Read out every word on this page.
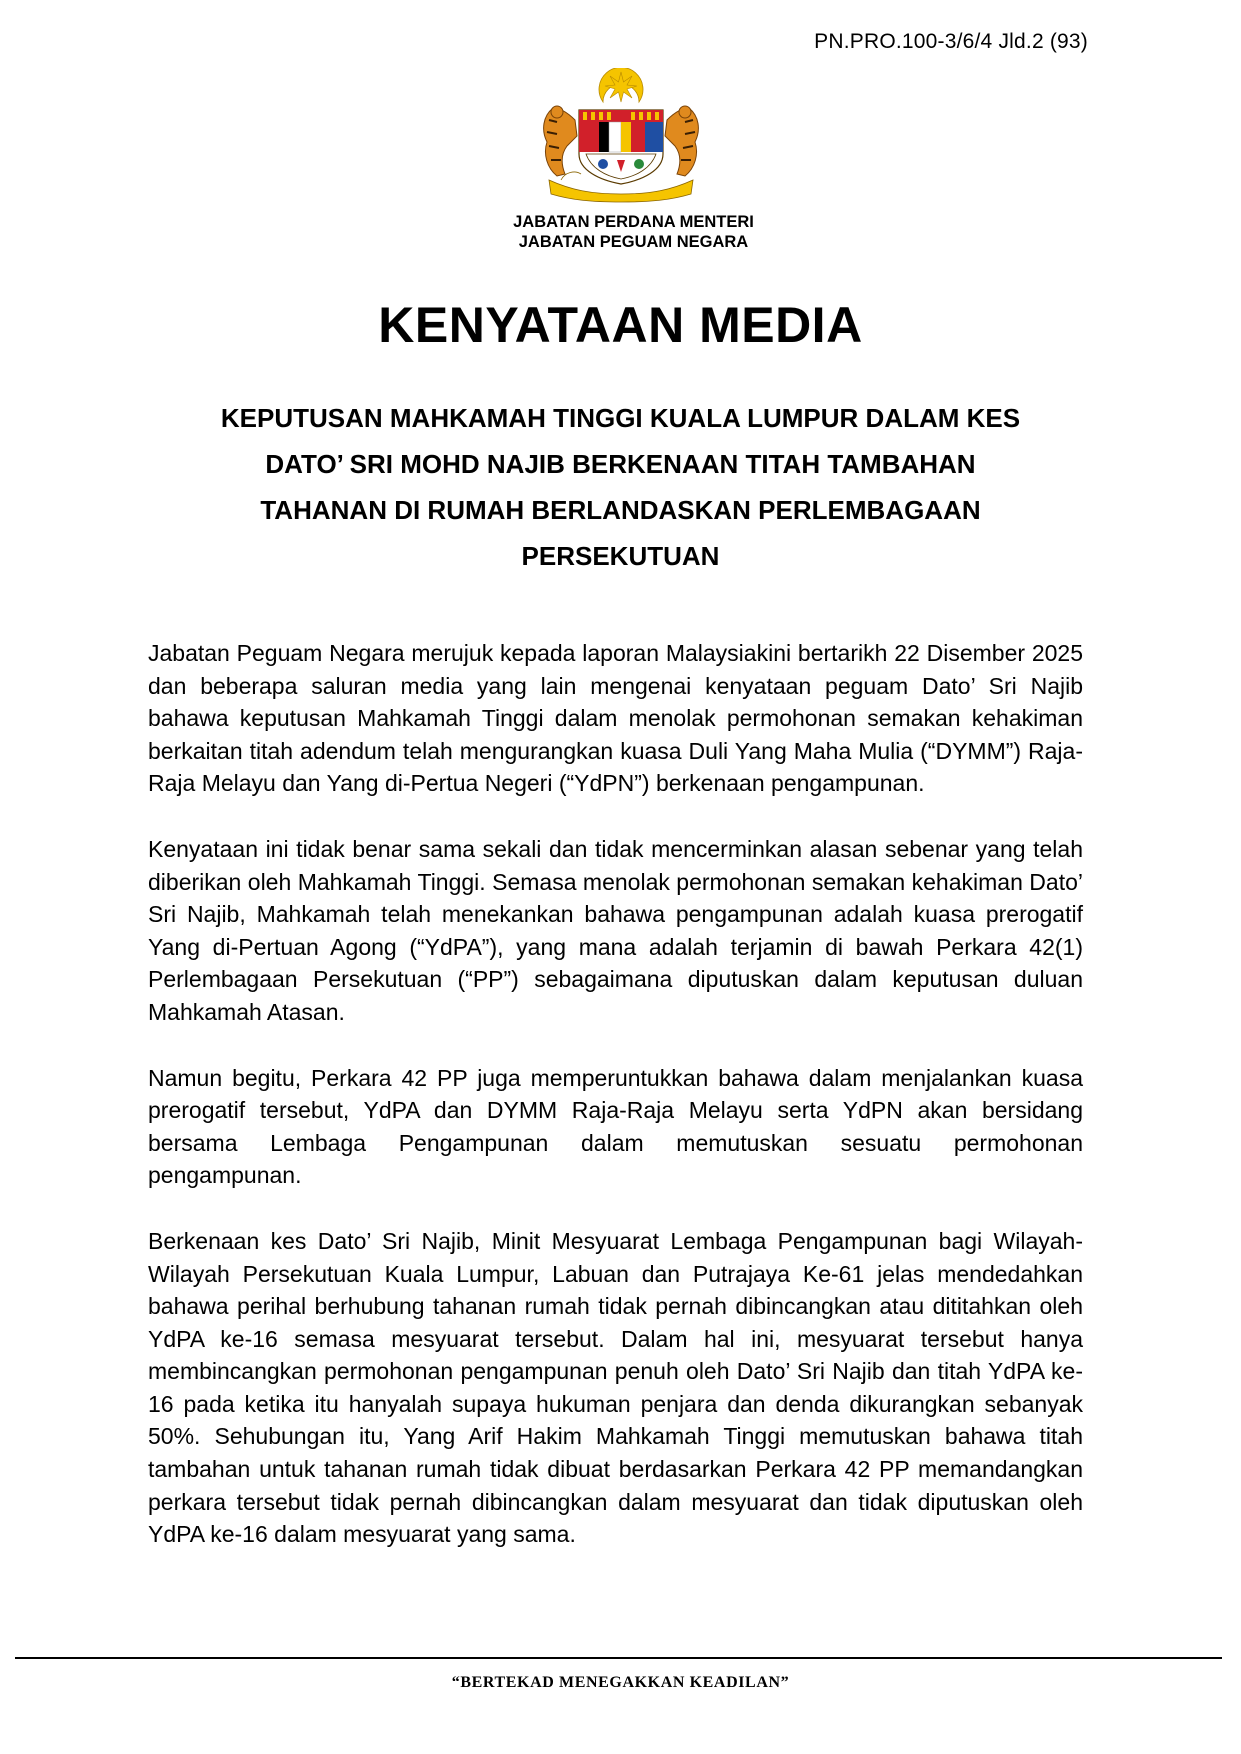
PN.PRO.100-3/6/4 Jld.2 (93)
JABATAN PERDANA MENTERI
JABATAN PEGUAM NEGARA
KENYATAAN MEDIA
KEPUTUSAN MAHKAMAH TINGGI KUALA LUMPUR DALAM KES
DATO’ SRI MOHD NAJIB BERKENAAN TITAH TAMBAHAN
TAHANAN DI RUMAH BERLANDASKAN PERLEMBAGAAN
PERSEKUTUAN

Jabatan Peguam Negara merujuk kepada laporan Malaysiakini bertarikh 22 Disember 2025 dan beberapa saluran media yang lain mengenai kenyataan peguam Dato’ Sri Najib bahawa keputusan Mahkamah Tinggi dalam menolak permohonan semakan kehakiman berkaitan titah adendum telah mengurangkan kuasa Duli Yang Maha Mulia (“DYMM”) Raja-Raja Melayu dan Yang di-Pertua Negeri (“YdPN”) berkenaan pengampunan.

Kenyataan ini tidak benar sama sekali dan tidak mencerminkan alasan sebenar yang telah diberikan oleh Mahkamah Tinggi. Semasa menolak permohonan semakan kehakiman Dato’ Sri Najib, Mahkamah telah menekankan bahawa pengampunan adalah kuasa prerogatif Yang di-Pertuan Agong (“YdPA”), yang mana adalah terjamin di bawah Perkara 42(1) Perlembagaan Persekutuan (“PP”) sebagaimana diputuskan dalam keputusan duluan Mahkamah Atasan.

Namun begitu, Perkara 42 PP juga memperuntukkan bahawa dalam menjalankan kuasa prerogatif tersebut, YdPA dan DYMM Raja-Raja Melayu serta YdPN akan bersidang bersama Lembaga Pengampunan dalam memutuskan sesuatu permohonan pengampunan.

Berkenaan kes Dato’ Sri Najib, Minit Mesyuarat Lembaga Pengampunan bagi Wilayah-Wilayah Persekutuan Kuala Lumpur, Labuan dan Putrajaya Ke-61 jelas mendedahkan bahawa perihal berhubung tahanan rumah tidak pernah dibincangkan atau dititahkan oleh YdPA ke-16 semasa mesyuarat tersebut. Dalam hal ini, mesyuarat tersebut hanya membincangkan permohonan pengampunan penuh oleh Dato’ Sri Najib dan titah YdPA ke-16 pada ketika itu hanyalah supaya hukuman penjara dan denda dikurangkan sebanyak 50%. Sehubungan itu, Yang Arif Hakim Mahkamah Tinggi memutuskan bahawa titah tambahan untuk tahanan rumah tidak dibuat berdasarkan Perkara 42 PP memandangkan perkara tersebut tidak pernah dibincangkan dalam mesyuarat dan tidak diputuskan oleh YdPA ke-16 dalam mesyuarat yang sama.

“BERTEKAD MENEGAKKAN KEADILAN”
